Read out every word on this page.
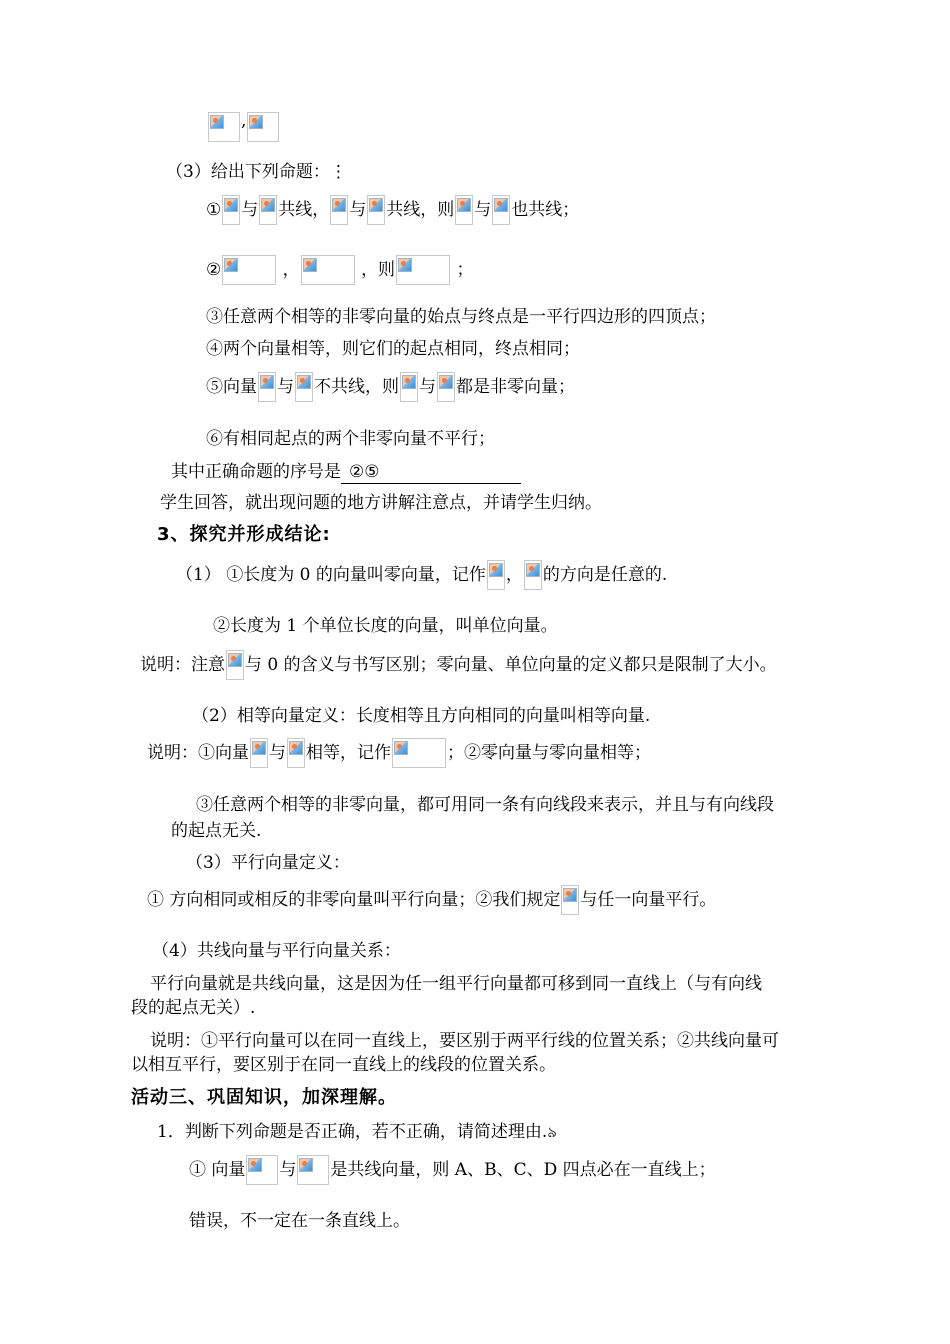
,
（3）给出下列命题：⋮
① 与 共线， 与 共线，则 与 也共线；
②	，	，则	；
③任意两个相等的非零向量的始点与终点是一平行四边形的四顶点；
④两个向量相等，则它们的起点相同，终点相同；
⑤向量 与 不共线，则 与 都是非零向量；
⑥有相同起点的两个非零向量不平行；
其中正确命题的序号是 ②⑤
学生回答，就出现问题的地方讲解注意点，并请学生归纳。
3、探究并形成结论:
（1） ①长度为 0 的向量叫零向量，记作 ， 的方向是任意的.
②长度为 1 个单位长度的向量，叫单位向量。
说明：注意 与 0 的含义与书写区别；零向量、单位向量的定义都只是限制了大小。
（2）相等向量定义：长度相等且方向相同的向量叫相等向量.
说明：①向量 与 相等，记作	；②零向量与零向量相等；
③任意两个相等的非零向量，都可用同一条有向线段来表示，并且与有向线段
的起点无关.
（3）平行向量定义：
① 方向相同或相反的非零向量叫平行向量；②我们规定 与任一向量平行。
（4）共线向量与平行向量关系：
平行向量就是共线向量，这是因为任一组平行向量都可移到同一直线上（与有向线
段的起点无关）.
说明：①平行向量可以在同一直线上，要区别于两平行线的位置关系；②共线向量可
以相互平行，要区别于在同一直线上的线段的位置关系。
活动三、巩固知识，加深理解。
1．判断下列命题是否正确，若不正确，请简述理由.৯
① 向量 与 是共线向量，则 A、B、C、D 四点必在一直线上；
错误，不一定在一条直线上。
